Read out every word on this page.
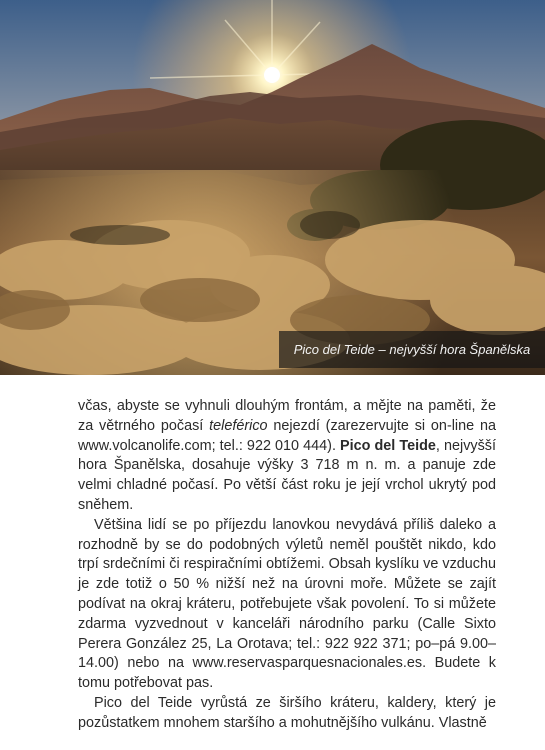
Pico del Teide – nejvyšší hora Španělska

včas, abyste se vyhnuli dlouhým frontám, a mějte na paměti, že za větrného počasí teleférico nejezdí (zarezervujte si on-line na www.volcanolife.com; tel.: 922 010 444). Pico del Teide, nejvyšší hora Španělska, dosahuje výšky 3 718 m n. m. a panuje zde velmi chladné počasí. Po větší část roku je její vrchol ukrytý pod sněhem.

Většina lidí se po příjezdu lanovkou nevydává příliš daleko a rozhodně by se do podobných výletů neměl pouštět nikdo, kdo trpí srdečními či respiračními obtížemi. Obsah kyslíku ve vzduchu je zde totiž o 50 % nižší než na úrovni moře. Můžete se zajít podívat na okraj kráteru, potřebujete však povolení. To si můžete zdarma vyzvednout v kanceláři národního parku (Calle Sixto Perera González 25, La Orotava; tel.: 922 922 371; po–pá 9.00–14.00) nebo na www.reservasparquesnacionales.es. Budete k tomu potřebovat pas.

Pico del Teide vyrůstá ze širšího kráteru, kaldery, který je pozůstatkem mnohem staršího a mohutnějšího vulkánu. Vlastně
